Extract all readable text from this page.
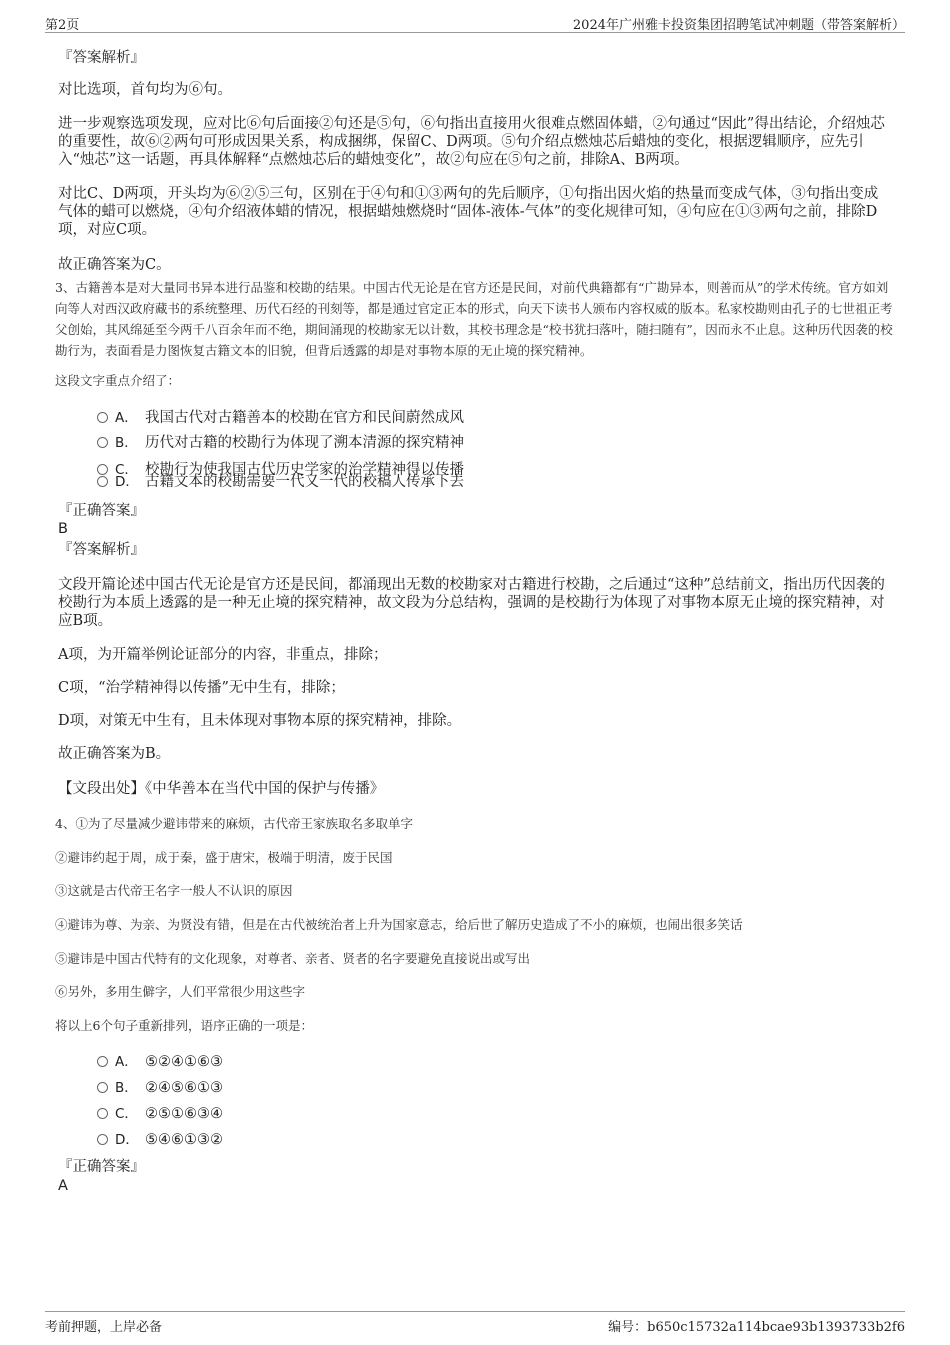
第2页	2024年广州雅卡投资集团招聘笔试冲刺题（带答案解析）
『答案解析』
对比选项，首句均为⑥句。
进一步观察选项发现，应对比⑥句后面接②句还是⑤句，⑥句指出直接用火很难点燃固体蜡，②句通过“因此”得出结论，介绍烛芯的重要性，故⑥②两句可形成因果关系，构成捆绑，保留C、D两项。⑤句介绍点燃烛芯后蜡烛的变化，根据逻辑顺序，应先引入“烛芯”这一话题，再具体解释“点燃烛芯后的蜡烛变化”，故②句应在⑤句之前，排除A、B两项。
对比C、D两项，开头均为⑥②⑤三句，区别在于④句和①③两句的先后顺序，①句指出因火焰的热量而变成气体，③句指出变成气体的蜡可以燃烧，④句介绍液体蜡的情况，根据蜡烛燃烧时“固体-液体-气体”的变化规律可知，④句应在①③两句之前，排除D项，对应C项。
故正确答案为C。
3、古籍善本是对大量同书异本进行品鉴和校勘的结果。中国古代无论是在官方还是民间，对前代典籍都有“广勘异本，则善而从”的学术传统。官方如刘向等人对西汉政府藏书的系统整理、历代石经的刊刻等，都是通过官定正本的形式，向天下读书人颁布内容权威的版本。私家校勘则由孔子的七世祖正考父创始，其风绵延至今两千八百余年而不绝，期间涌现的校勘家无以计数，其校书理念是“校书犹扫落叶，随扫随有”，因而永不止息。这种历代因袭的校勘行为，表面看是力图恢复古籍文本的旧貌，但背后透露的却是对事物本原的无止境的探究精神。
这段文字重点介绍了：
A． 我国古代对古籍善本的校勘在官方和民间蔚然成风
B． 历代对古籍的校勘行为体现了溯本清源的探究精神
C． 校勘行为使我国古代历史学家的治学精神得以传播
D． 古籍文本的校勘需要一代又一代的校稿人传承下去
『正确答案』
B
『答案解析』
文段开篇论述中国古代无论是官方还是民间，都涌现出无数的校勘家对古籍进行校勘，之后通过“这种”总结前文，指出历代因袭的校勘行为本质上透露的是一种无止境的探究精神，故文段为分总结构，强调的是校勘行为体现了对事物本原无止境的探究精神，对应B项。
A项，为开篇举例论证部分的内容，非重点，排除；
C项，“治学精神得以传播”无中生有，排除；
D项，对策无中生有，且未体现对事物本原的探究精神，排除。
故正确答案为B。
【文段出处】《中华善本在当代中国的保护与传播》
4、①为了尽量减少避讳带来的麻烦，古代帝王家族取名多取单字
②避讳约起于周，成于秦，盛于唐宋，极端于明清，废于民国
③这就是古代帝王名字一般人不认识的原因
④避讳为尊、为亲、为贤没有错，但是在古代被统治者上升为国家意志，给后世了解历史造成了不小的麻烦，也闹出很多笑话
⑤避讳是中国古代特有的文化现象，对尊者、亲者、贤者的名字要避免直接说出或写出
⑥另外，多用生僻字，人们平常很少用这些字
将以上6个句子重新排列，语序正确的一项是：
A． ⑤②④①⑥③
B． ②④⑤⑥①③
C． ②⑤①⑥③④
D． ⑤④⑥①③②
『正确答案』
A
考前押题，上岸必备	编号：b650c15732a114bcae93b1393733b2f6
